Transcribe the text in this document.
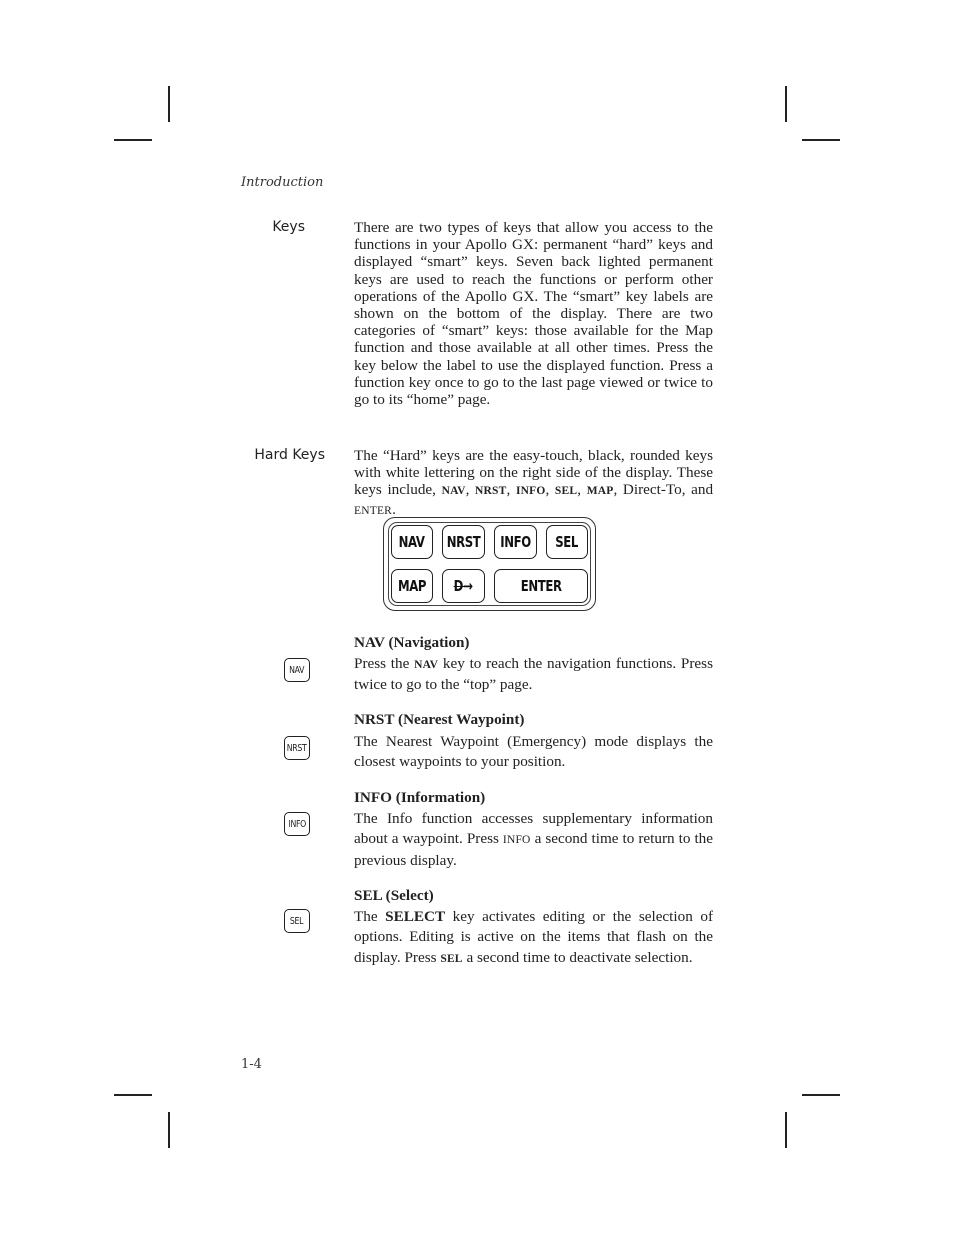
Introduction
Keys	There are two types of keys that allow you access to the functions in your Apollo GX: permanent “hard” keys and displayed “smart” keys. Seven back lighted permanent keys are used to reach the functions or perform other operations of the Apollo GX. The “smart” key labels are shown on the bottom of the display. There are two categories of “smart” keys: those available for the Map function and those available at all other times. Press the key below the label to use the displayed function. Press a function key once to go to the last page viewed or twice to go to its “home” page.
Hard Keys The “Hard” keys are the easy-touch, black, rounded keys with white lettering on the right side of the display. These keys include, NAV, NRST, INFO, SEL, MAP, Direct-To, and ENTER.
NAV NRST INFO SEL
MAP D→	ENTER
NAV (Navigation)
NAV	Press the NAV key to reach the navigation functions. Press twice to go to the “top” page.
NRST (Nearest Waypoint)
NRST	The Nearest Waypoint (Emergency) mode displays the closest waypoints to your position.
INFO (Information)
INFO	The Info function accesses supplementary information about a waypoint. Press INFO a second time to return to the previous display.
SEL (Select)
SEL	The SELECT key activates editing or the selection of options. Editing is active on the items that flash on the display. Press SEL a second time to deactivate selection.
1-4
